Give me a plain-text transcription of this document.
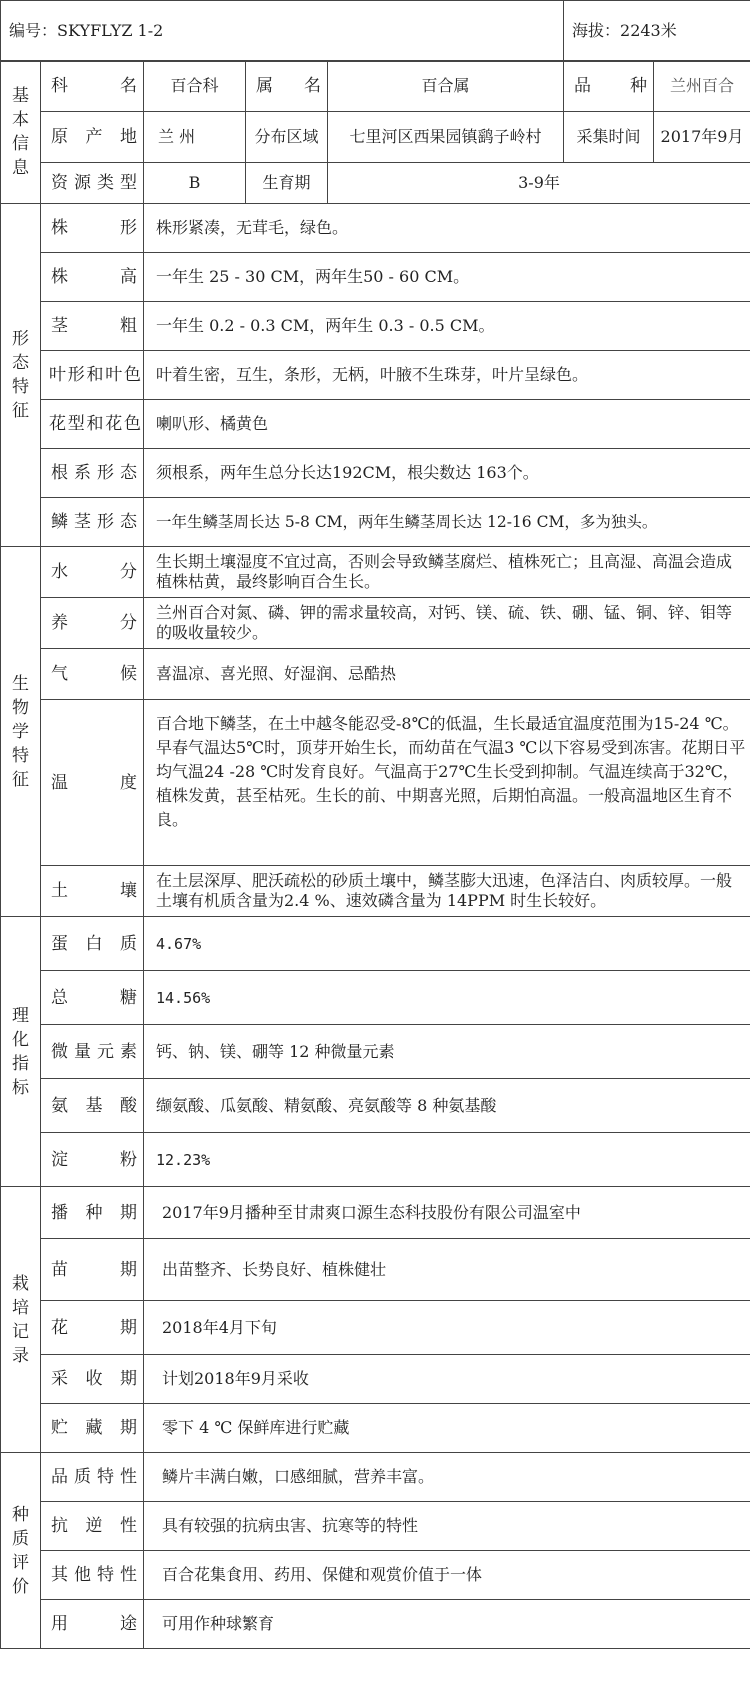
编号：SKYFLYZ 1-2	海拔：2243米
基本信息	科 名	百合科	属 名	百合属	品 种	兰州百合

	原产地	兰 州	分布区域	七里河区西果园镇鹞子岭村	采集时间	2017年9月

	资源类型	B	生育期	3-9年		
形态特征	株 形	株形紧凑，无茸毛，绿色。				

	株 高	一年生 25 - 30 CM，两年生50 - 60 CM。				

	茎 粗	一年生 0.2 - 0.3 CM，两年生 0.3 - 0.5 CM。				

	叶形和叶色	叶着生密，互生，条形，无柄，叶腋不生珠芽，叶片呈绿色。				

	花型和花色	喇叭形、橘黄色				

	根系形态	须根系，两年生总分长达192CM，根尖数达 163个。				

	鳞茎形态	一年生鳞茎周长达 5-8 CM，两年生鳞茎周长达 12-16 CM，多为独头。				
生物学特征	水 分	生长期土壤湿度不宜过高，否则会导致鳞茎腐烂、植株死亡；且高湿、高温会造成植株枯黄，最终影响百合生长。				

	养 分	兰州百合对氮、磷、钾的需求量较高，对钙、镁、硫、铁、硼、锰、铜、锌、钼等的吸收量较少。				

	气 候	喜温凉、喜光照、好湿润、忌酷热				

	温 度	百合地下鳞茎，在土中越冬能忍受-8℃的低温，生长最适宜温度范围为15-24 ℃。早春气温达5℃时，顶芽开始生长，而幼苗在气温3 ℃以下容易受到冻害。花期日平均气温24 -28 ℃时发育良好。气温高于27℃生长受到抑制。气温连续高于32℃，植株发黄，甚至枯死。生长的前、中期喜光照，后期怕高温。一般高温地区生育不良。				

	土 壤	在土层深厚、肥沃疏松的砂质土壤中，鳞茎膨大迅速，色泽洁白、肉质较厚。一般土壤有机质含量为2.4 %、速效磷含量为 14PPM 时生长较好。				
理化指标	蛋白质	4.67%				

	总 糖	14.56%				

	微量元素	钙、钠、镁、硼等 12 种微量元素				

	氨基酸	缬氨酸、瓜氨酸、精氨酸、亮氨酸等 8 种氨基酸				

	淀 粉	12.23%				
栽培记录	播种期	2017年9月播种至甘肃爽口源生态科技股份有限公司温室中				

	苗 期	出苗整齐、长势良好、植株健壮				

	花 期	2018年4月下旬				

	采收期	计划2018年9月采收				

	贮藏期	零下 4 ℃ 保鲜库进行贮藏				
种质评价	品质特性	鳞片丰满白嫩，口感细腻，营养丰富。				

	抗逆性	具有较强的抗病虫害、抗寒等的特性				

	其他特性	百合花集食用、药用、保健和观赏价值于一体				

	用 途	可用作种球繁育				
